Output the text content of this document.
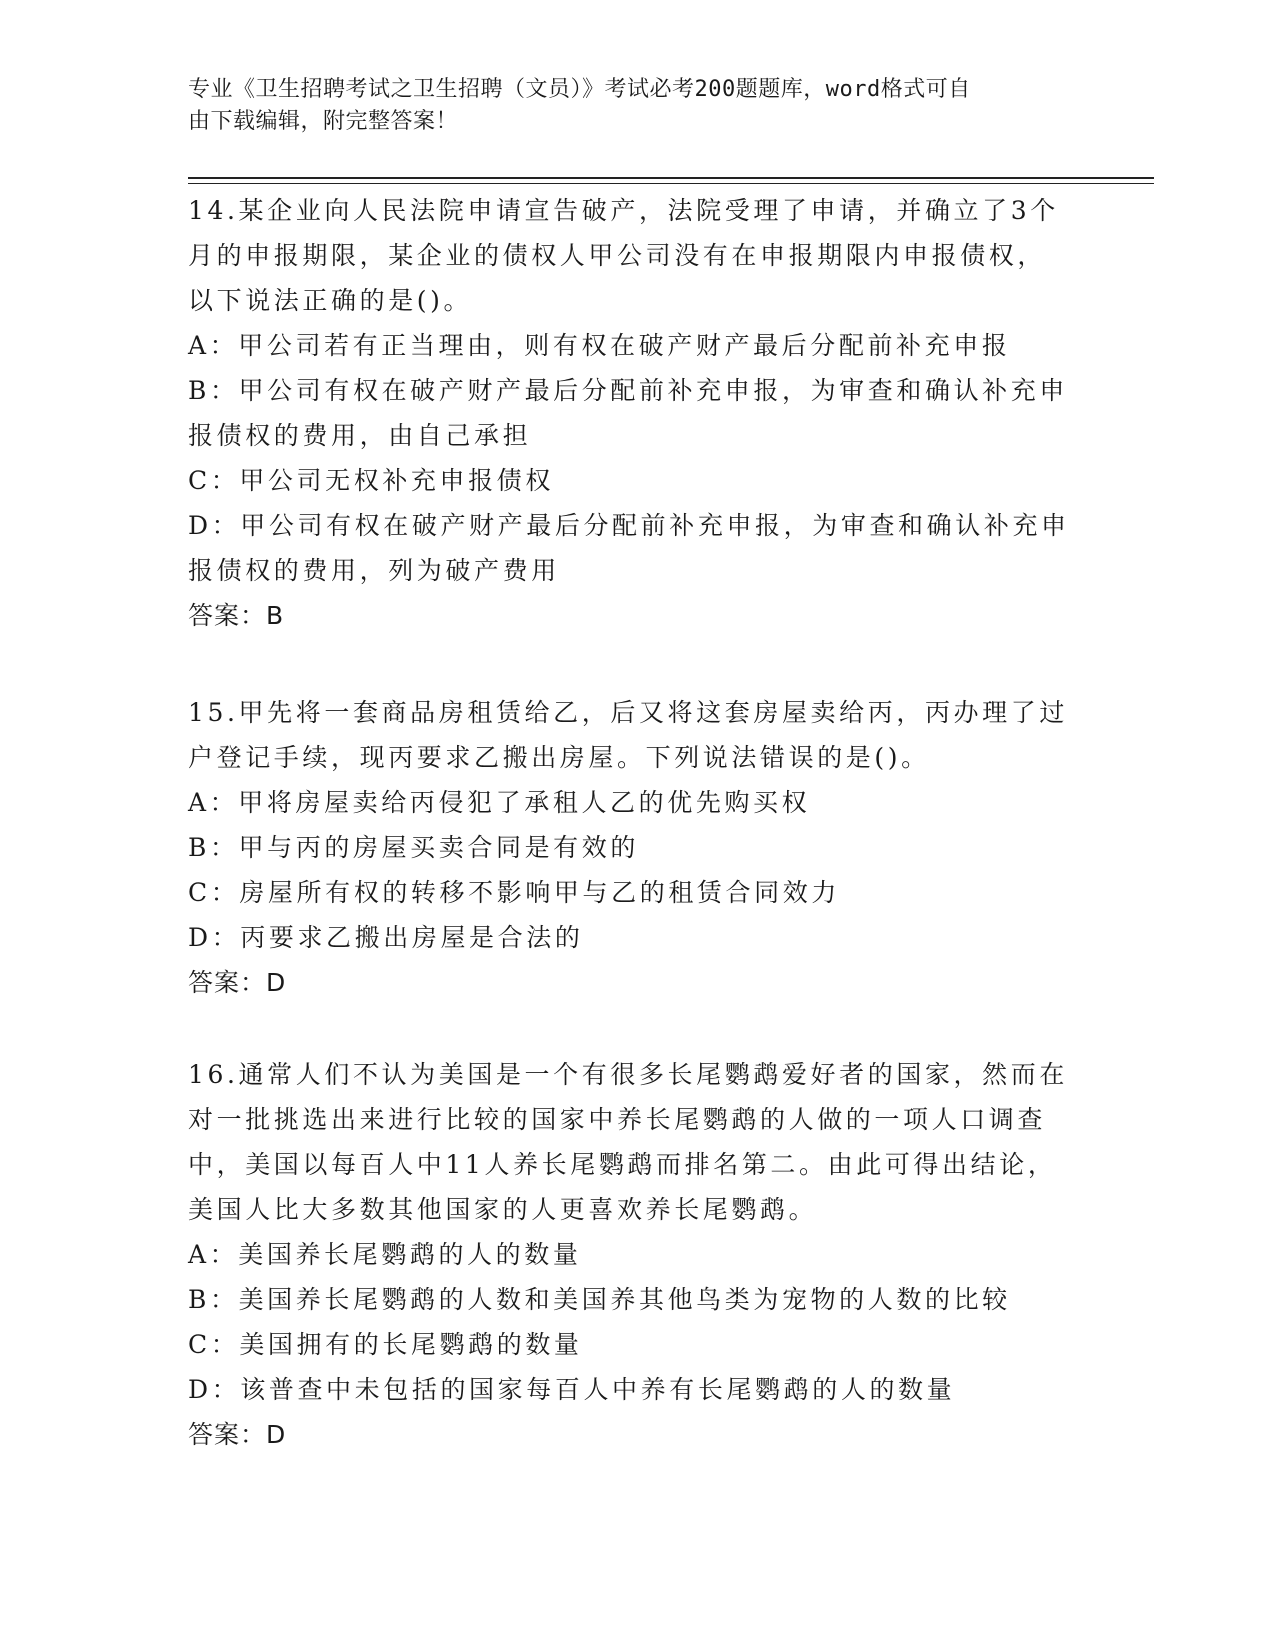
专业《卫生招聘考试之卫生招聘（文员）》考试必考200题题库，word格式可自
由下载编辑，附完整答案！

14.某企业向人民法院申请宣告破产，法院受理了申请，并确立了3个

月的申报期限，某企业的债权人甲公司没有在申报期限内申报债权，

以下说法正确的是()。

A：甲公司若有正当理由，则有权在破产财产最后分配前补充申报

B：甲公司有权在破产财产最后分配前补充申报，为审查和确认补充申

报债权的费用，由自己承担

C：甲公司无权补充申报债权

D：甲公司有权在破产财产最后分配前补充申报，为审查和确认补充申

报债权的费用，列为破产费用

答案：B

15.甲先将一套商品房租赁给乙，后又将这套房屋卖给丙，丙办理了过

户登记手续，现丙要求乙搬出房屋。下列说法错误的是()。

A：甲将房屋卖给丙侵犯了承租人乙的优先购买权

B：甲与丙的房屋买卖合同是有效的

C：房屋所有权的转移不影响甲与乙的租赁合同效力

D：丙要求乙搬出房屋是合法的

答案：D

16.通常人们不认为美国是一个有很多长尾鹦鹉爱好者的国家，然而在

对一批挑选出来进行比较的国家中养长尾鹦鹉的人做的一项人口调查

中，美国以每百人中11人养长尾鹦鹉而排名第二。由此可得出结论，

美国人比大多数其他国家的人更喜欢养长尾鹦鹉。

A：美国养长尾鹦鹉的人的数量

B：美国养长尾鹦鹉的人数和美国养其他鸟类为宠物的人数的比较

C：美国拥有的长尾鹦鹉的数量

D：该普查中未包括的国家每百人中养有长尾鹦鹉的人的数量

答案：D
